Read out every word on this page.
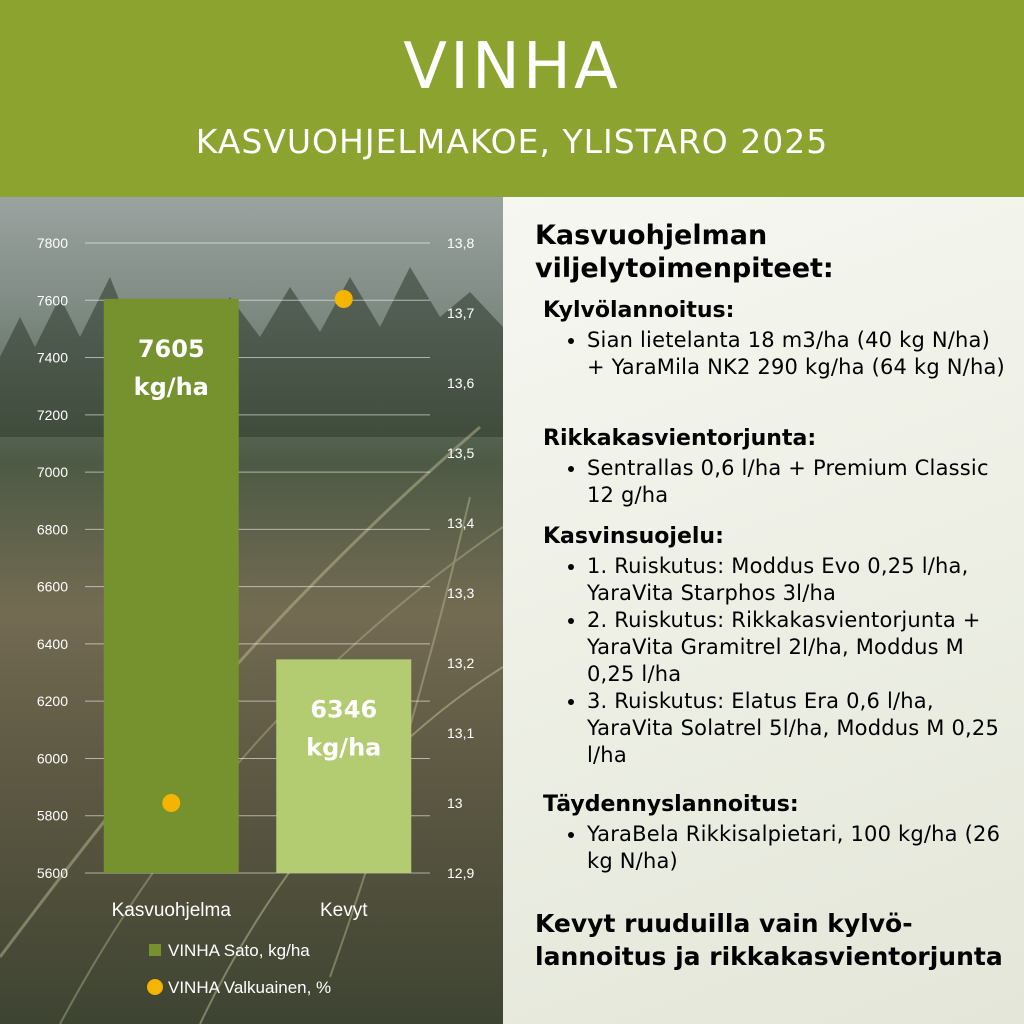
VINHA
KASVUOHJELMAKOE, YLISTARO 2025
7800
7600
7400
7200
7000
6800
6600
6400
6200
6000
5800
5600
13,8
13,7
13,6
13,5
13,4
13,3
13,2
13,1
13
12,9
7605
kg/ha
6346
kg/ha
Kasvuohjelma	Kevyt
VINHA Sato, kg/ha
VINHA Valkuainen, %
Kasvuohjelman viljelytoimenpiteet:
Kylvölannoitus:
• Sian lietelanta 18 m3/ha (40 kg N/ha) + YaraMila NK2 290 kg/ha (64 kg N/ha)
Rikkakasvientorjunta:
• Sentrallas 0,6 l/ha + Premium Classic 12 g/ha
Kasvinsuojelu:
• 1. Ruiskutus: Moddus Evo 0,25 l/ha, YaraVita Starphos 3l/ha
• 2. Ruiskutus: Rikkakasvientorjunta + YaraVita Gramitrel 2l/ha, Moddus M 0,25 l/ha
• 3. Ruiskutus: Elatus Era 0,6 l/ha, YaraVita Solatrel 5l/ha, Moddus M 0,25 l/ha
Täydennyslannoitus:
• YaraBela Rikkisalpietari, 100 kg/ha (26 kg N/ha)
Kevyt ruuduilla vain kylvö-lannoitus ja rikkakasvientorjunta
